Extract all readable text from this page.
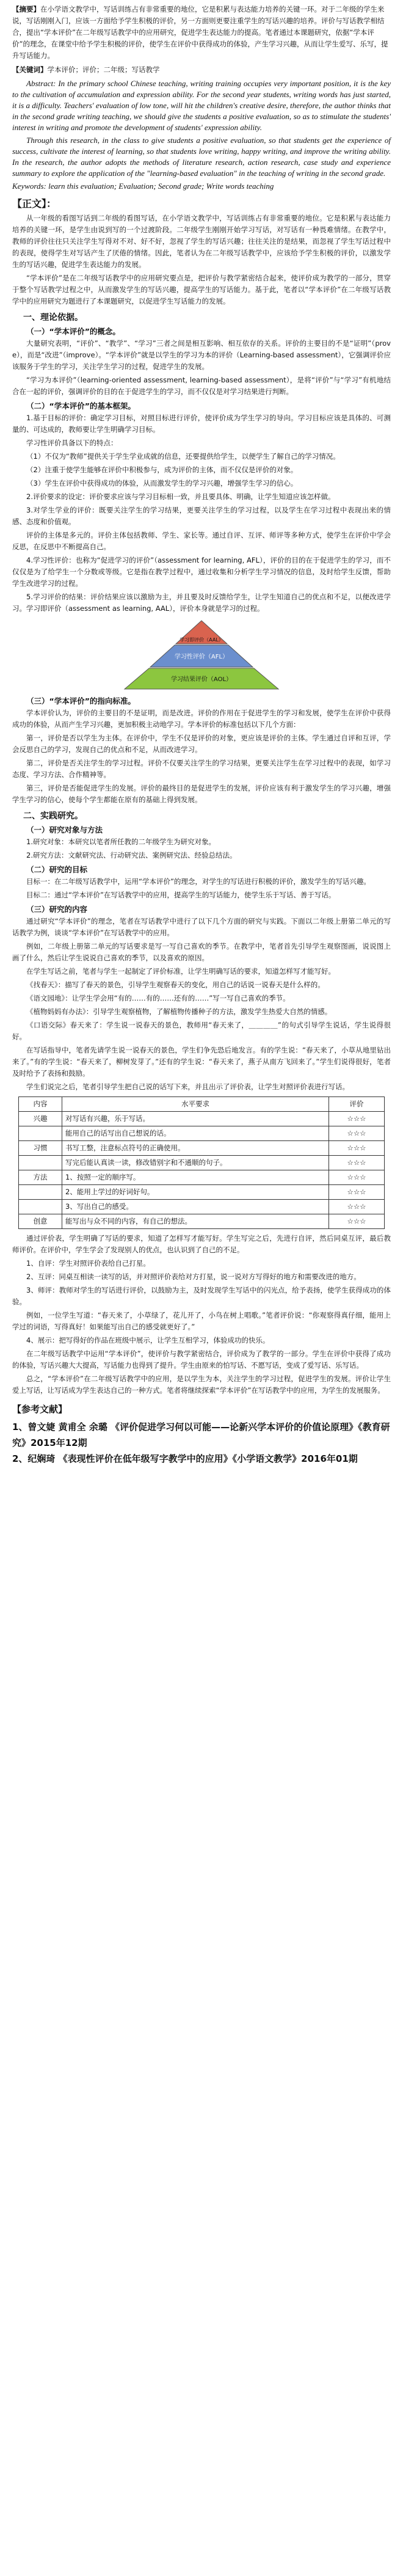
【摘要】在小学语文教学中，写话训练占有非常重要的地位，它是积累与表达能力培养的关键一环。对于二年级的学生来说，写话刚刚入门，应该一方面给予学生积极的评价，另一方面则更要注重学生的写话兴趣的培养。评价与写话教学相结合，提出“学本评价”在二年级写话教学中的应用研究，促进学生表达能力的提高。笔者通过本课题研究，依据“学本评价”的理念，在课堂中给予学生积极的评价，使学生在评价中获得成功的体验，产生学习兴趣，从而让学生爱写、乐写，提升写话能力。

【关键词】学本评价；评价；二年级；写话教学

Abstract: In the primary school Chinese teaching, writing training occupies very important position, it is the key to the cultivation of accumulation and expression ability. For the second year students, writing words has just started, it is a difficulty. Teachers' evaluation of low tone, will hit the children's creative desire, therefore, the author thinks that in the second grade writing teaching, we should give the students a positive evaluation, so as to stimulate the students' interest in writing and promote the development of students' expression ability.

Through this research, in the class to give students a positive evaluation, so that students get the experience of success, cultivate the interest of learning, so that students love writing, happy writing, and improve the writing ability. In the research, the author adopts the methods of literature research, action research, case study and experience summary to explore the application of the "learning-based evaluation" in the teaching of writing in the second grade.

Keywords: learn this evaluation; Evaluation; Second grade; Write words teaching

【正文】：

从一年级的看图写话到二年级的看图写话，在小学语文教学中，写话训练占有非常重要的地位。它是积累与表达能力培养的关键一环，是学生由说到写的一个过渡阶段。二年级学生刚刚开始学习写话，对写话有一种畏难情绪。在教学中，教师的评价往往只关注学生写得对不对、好不好，忽视了学生的写话兴趣；往往关注的是结果，而忽视了学生写话过程中的表现，使得学生对写话产生了厌倦的情绪。因此，笔者认为在二年级写话教学中，应该给予学生积极的评价，以激发学生的写话兴趣，促进学生表达能力的发展。

“学本评价”是在二年级写话教学中的应用研究要点是，把评价与教学紧密结合起来，使评价成为教学的一部分，贯穿于整个写话教学过程之中，从而激发学生的写话兴趣，提高学生的写话能力。基于此，笔者以“学本评价”在二年级写话教学中的应用研究为题进行了本课题研究，以促进学生写话能力的发展。

一、理论依据。
（一）“学本评价”的概念。

大量研究表明，“评价”、“教学”、“学习”三者之间是相互影响、相互依存的关系。评价的主要目的不是“证明”（prove），而是“改进”（improve）。“学本评价”就是以学生的学习为本的评价（Learning-based assessment），它强调评价应该服务于学生的学习，关注学生学习的过程，促进学生的发展。

“学习为本评价”（learning-oriented assessment, learning-based assessment），是将“评价”与“学习”有机地结合在一起的评价，强调评价的目的在于促进学生的学习，而不仅仅是对学习结果进行判断。

（二）“学本评价”的基本框架。

1.基于目标的评价：确定学习目标，对照目标进行评价，使评价成为学生学习的导向。学习目标应该是具体的、可测量的、可达成的，教师要让学生明确学习目标。

学习性评价具备以下的特点：

（1）不仅为“教师”提供关于学生学业成就的信息，还要提供给学生，以便学生了解自己的学习情况。

（2）注重于使学生能够在评价中积极参与，成为评价的主体，而不仅仅是评价的对象。

（3）学生在评价中获得成功的体验，从而激发学生的学习兴趣，增强学生学习的信心。

2.评价要求的设定：评价要求应该与学习目标相一致，并且要具体、明确，让学生知道应该怎样做。

3.对学生学业的评价：既要关注学生的学习结果，更要关注学生的学习过程，以及学生在学习过程中表现出来的情感、态度和价值观。

评价的主体是多元的。评价主体包括教师、学生、家长等。通过自评、互评、师评等多种方式，使学生在评价中学会反思，在反思中不断提高自己。

4.学习性评价：也称为“促进学习的评价”（assessment for learning, AFL），评价的目的在于促进学生的学习，而不仅仅是为了给学生一个分数或等级。它是指在教学过程中，通过收集和分析学生学习情况的信息，及时给学生反馈，帮助学生改进学习的过程。

5.学习评价的结果：评价结果应该以激励为主，并且要及时反馈给学生，让学生知道自己的优点和不足，以便改进学习。学习即评价（assessment as learning, AAL），评价本身就是学习的过程。

学习即评价（AAL）
学习性评价（AFL）
学习结果评价（AOL）
（三）“学本评价”的指向标准。

学本评价认为，评价的主要目的不是证明，而是改进。评价的作用在于促进学生的学习和发展，使学生在评价中获得成功的体验，从而产生学习兴趣，更加积极主动地学习。学本评价的标准包括以下几个方面：

第一，评价是否以学生为主体。在评价中，学生不仅是评价的对象，更应该是评价的主体。学生通过自评和互评，学会反思自己的学习，发现自己的优点和不足，从而改进学习。

第二，评价是否关注学生的学习过程。评价不仅要关注学生的学习结果，更要关注学生在学习过程中的表现，如学习态度、学习方法、合作精神等。

第三，评价是否能促进学生的发展。评价的最终目的是促进学生的发展，评价应该有利于激发学生的学习兴趣，增强学生学习的信心，使每个学生都能在原有的基础上得到发展。

二、实践研究。
（一）研究对象与方法

1.研究对象：本研究以笔者所任教的二年级学生为研究对象。

2.研究方法：文献研究法、行动研究法、案例研究法、经验总结法。

（二）研究的目标

目标一：在二年级写话教学中，运用“学本评价”的理念，对学生的写话进行积极的评价，激发学生的写话兴趣。

目标二：通过“学本评价”在写话教学中的应用，提高学生的写话能力，使学生乐于写话、善于写话。

（三）研究的内容

通过研究“学本评价”的理念，笔者在写话教学中进行了以下几个方面的研究与实践。下面以二年级上册第二单元的写话教学为例，谈谈“学本评价”在写话教学中的应用。

例如，二年级上册第二单元的写话要求是写一写自己喜欢的季节。在教学中，笔者首先引导学生观察图画，说说图上画了什么，然后让学生说说自己喜欢的季节，以及喜欢的原因。

在学生写话之前，笔者与学生一起制定了评价标准，让学生明确写话的要求，知道怎样写才能写好。

《找春天》：描写了春天的景色，引导学生观察春天的变化，用自己的话说一说春天是什么样的。

《语文园地》：让学生学会用“有的……有的……还有的……”写一写自己喜欢的季节。

《植物妈妈有办法》：引导学生观察植物，了解植物传播种子的方法，激发学生热爱大自然的情感。

《口语交际》春天来了：学生说一说春天的景色，教师用“春天来了，＿＿＿＿”的句式引导学生说话，学生说得很好。

在写话指导中，笔者先请学生说一说春天的景色，学生们争先恐后地发言。有的学生说：“春天来了，小草从地里钻出来了。”有的学生说：“春天来了，柳树发芽了。”还有的学生说：“春天来了，燕子从南方飞回来了。”学生们说得很好，笔者及时给予了表扬和鼓励。

学生们说完之后，笔者引导学生把自己说的话写下来，并且出示了评价表，让学生对照评价表进行写话。

内容	水平要求	评价
兴趣	对写话有兴趣，乐于写话。	☆☆☆
	能用自己的话写出自己想说的话。	☆☆☆
习惯	书写工整，注意标点符号的正确使用。	☆☆☆
	写完后能认真读一读，修改错别字和不通顺的句子。	☆☆☆
方法	1、按照一定的顺序写。	☆☆☆
	2、能用上学过的好词好句。	☆☆☆
	3、写出自己的感受。	☆☆☆
创意	能写出与众不同的内容，有自己的想法。	☆☆☆

通过评价表，学生明确了写话的要求，知道了怎样写才能写好。学生写完之后，先进行自评，然后同桌互评，最后教师评价。在评价中，学生学会了发现别人的优点，也认识到了自己的不足。

1、自评：学生对照评价表给自己打星。

2、互评：同桌互相读一读写的话，并对照评价表给对方打星，说一说对方写得好的地方和需要改进的地方。

3、师评：教师对学生的写话进行评价，以鼓励为主，及时发现学生写话中的闪光点，给予表扬，使学生获得成功的体验。

例如，一位学生写道：“春天来了，小草绿了，花儿开了，小鸟在树上唱歌。”笔者评价说：“你观察得真仔细，能用上学过的词语，写得真好！如果能写出自己的感受就更好了。”

4、展示：把写得好的作品在班级中展示，让学生互相学习，体验成功的快乐。

在二年级写话教学中运用“学本评价”，使评价与教学紧密结合，评价成为了教学的一部分。学生在评价中获得了成功的体验，写话兴趣大大提高，写话能力也得到了提升。学生由原来的怕写话、不愿写话，变成了爱写话、乐写话。

总之，“学本评价”在二年级写话教学中的应用，是以学生为本，关注学生的学习过程，促进学生的发展。评价让学生爱上写话，让写话成为学生表达自己的一种方式。笔者将继续探索“学本评价”在写话教学中的应用，为学生的发展服务。

【参考文献】

1、曾文婕 黄甫全 余璐 《评价促进学习何以可能——论新兴学本评价的价值论原理》《教育研究》2015年12期

2、纪娴琦 《表现性评价在低年级写字教学中的应用》《小学语文教学》2016年01期
